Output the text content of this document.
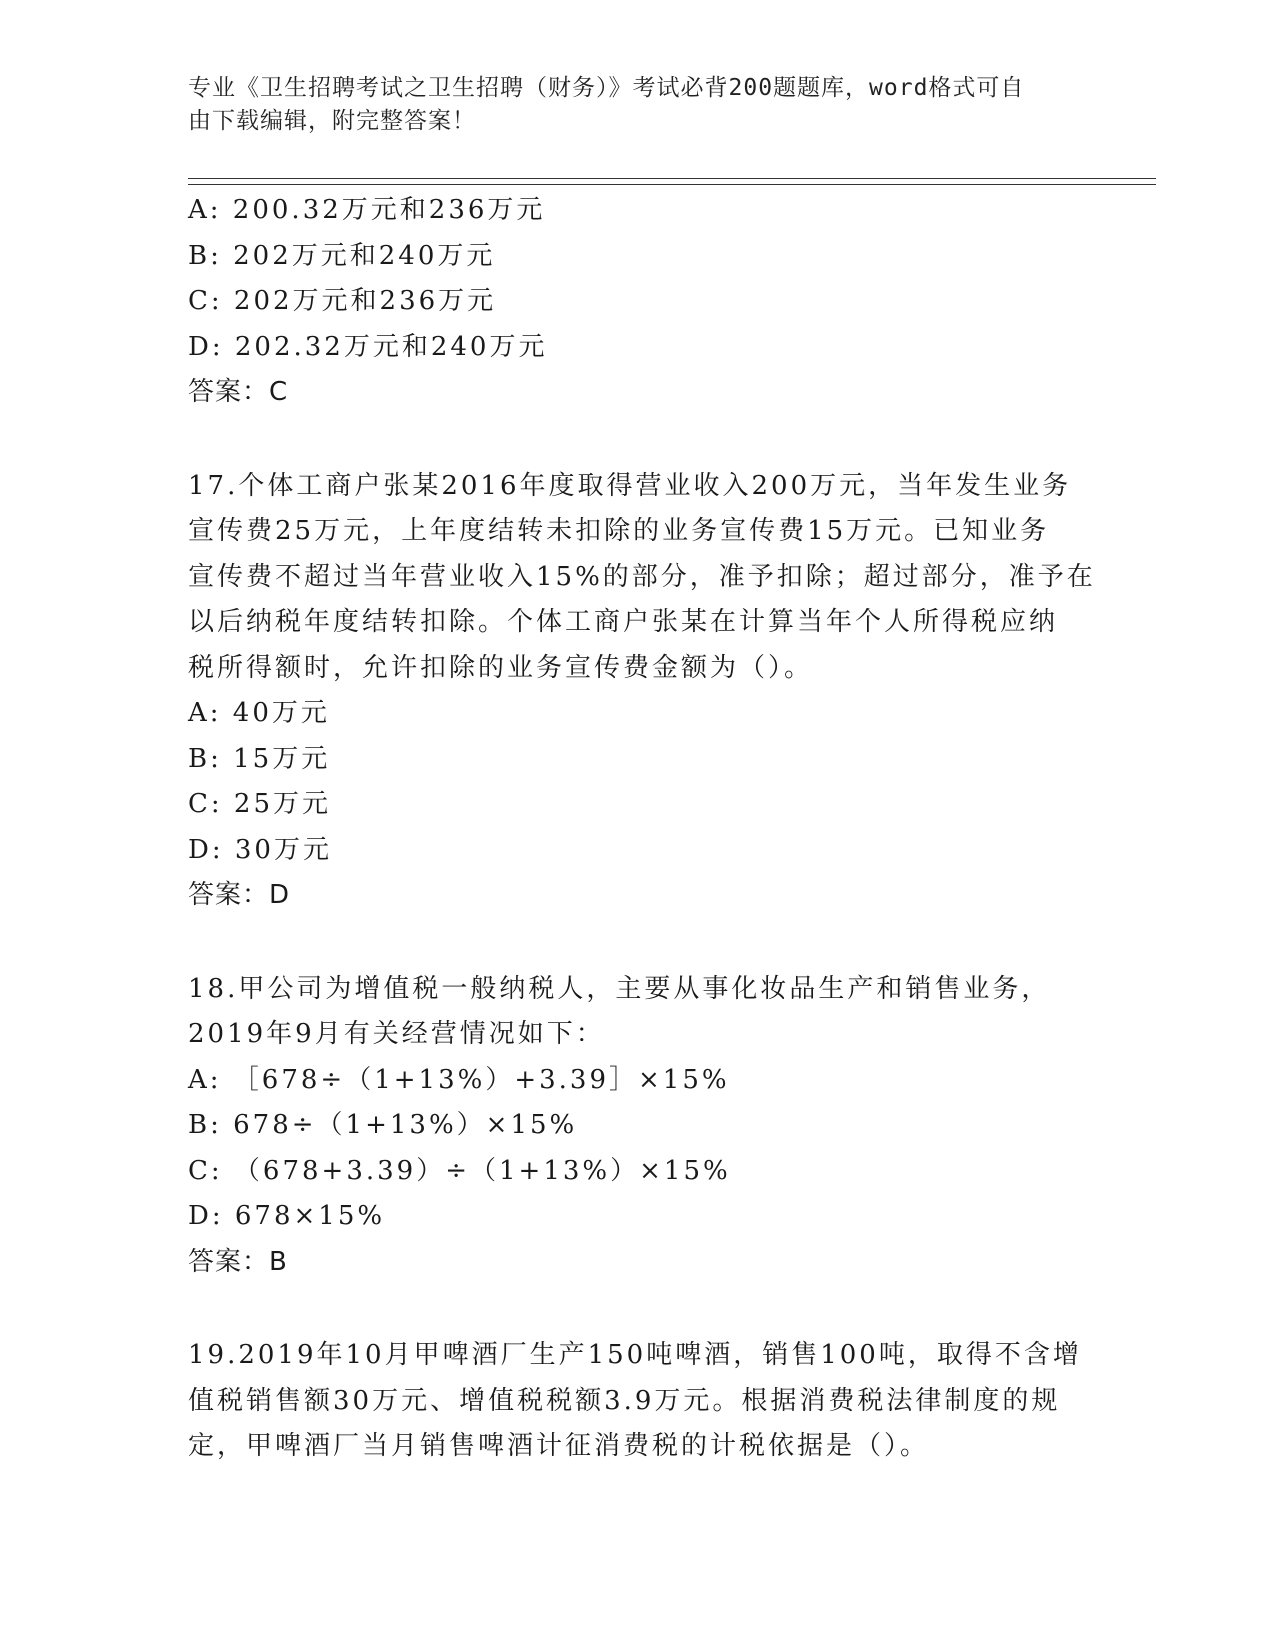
专业《卫生招聘考试之卫生招聘（财务）》考试必背200题题库，word格式可自
由下载编辑，附完整答案！
A: 200.32万元和236万元
B: 202万元和240万元
C: 202万元和236万元
D: 202.32万元和240万元
答案：C
17.个体工商户张某2016年度取得营业收入200万元，当年发生业务
宣传费25万元，上年度结转未扣除的业务宣传费15万元。已知业务
宣传费不超过当年营业收入15%的部分，准予扣除；超过部分，准予在
以后纳税年度结转扣除。个体工商户张某在计算当年个人所得税应纳
税所得额时，允许扣除的业务宣传费金额为（）。
A: 40万元
B: 15万元
C: 25万元
D: 30万元
答案：D
18.甲公司为增值税一般纳税人，主要从事化妆品生产和销售业务，
2019年9月有关经营情况如下：
A: ［678÷（1+13%）+3.39］×15%
B: 678÷（1+13%）×15%
C: （678+3.39）÷（1+13%）×15%
D: 678×15%
答案：B
19.2019年10月甲啤酒厂生产150吨啤酒，销售100吨，取得不含增
值税销售额30万元、增值税税额3.9万元。根据消费税法律制度的规
定，甲啤酒厂当月销售啤酒计征消费税的计税依据是（）。
